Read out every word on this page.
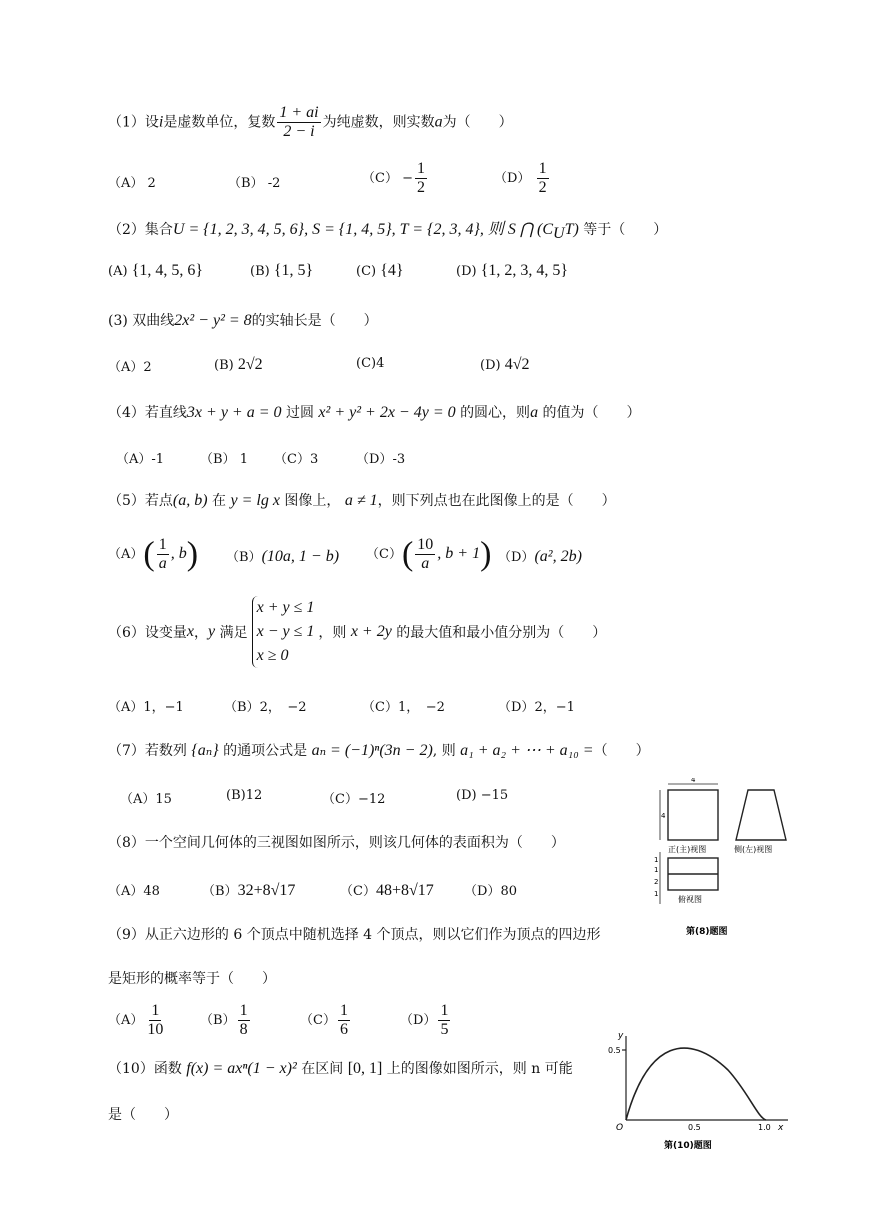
（1）设i是虚数单位，复数 $\frac{1 + ai}{2 - i}$ 为纯虚数，则实数a为（　　）
（A） 2	（B） -2	$(C) - \frac{1}{2}$	$(D) \frac{1}{2}$
（2）集合U = {1, 2, 3, 4, 5, 6}, S = {1, 4, 5}, T = {2, 3, 4}, 则 S ⋂ $(C_UT)$ 等于（　　）
(A) {1, 4, 5, 6}	(B) {1, 5}	(C) {4}	(D) {1, 2, 3, 4, 5}
(3) 双曲线2x² − y² = 8的实轴长是（　　）
（A）2	(B) 2√2	(C)4	(D) 4√2
（4）若直线3x + y + a = 0 过圆 x² + y² + 2x − 4y = 0 的圆心，则a 的值为（　　）
（A）-1	（B） 1 （C）3	（D）-3
（5）若点(a, b) 在 y = lg x 图像上， a ≠ 1，则下列点也在此图像上的是（　　）
$(A)( \frac{1}{a}$ , b) （B）(10a, 1 − b) $(C)( \frac{10}{a}$ , b + 1) （D）(a², 2b)
（6）设变量x，y 满足
x + y ≤ 1
x − y ≤ 1
x ≥ 0
，则 x + 2y 的最大值和最小值分别为（　　）
（A）1，−1	（B）2，　−2	（C）1，　−2	（D）2，−1
（7）若数列 {aₙ} 的通项公式是 aₙ = (−1)ⁿ(3n − 2), 则 a₁ + a₂ + ⋯ + a₁₀ =（　　）
（A）15	(B)12	（C）−12	(D) −15
（8）一个空间几何体的三视图如图所示，则该几何体的表面积为（　　）
（A）48	（B）32+8√17	（C）48+8√17 （D）80
4
4
1
1
2
1
正(主)视图	侧(左)视图
俯视图
第(8)题图
（9）从正六边形的 6 个顶点中随机选择 4 个顶点，则以它们作为顶点的四边形
是矩形的概率等于（　　）
$(A) \frac{1}{10}$	$(B) \frac{1}{8}$	$(C) \frac{1}{6}$	$(D) \frac{1}{5}$
（10）函数 f(x) = axⁿ(1 − x)² 在区间 [0, 1] 上的图像如图所示，则 n 可能
是（　　）
y
0.5
O	0.5	1.0 x
第(10)题图
